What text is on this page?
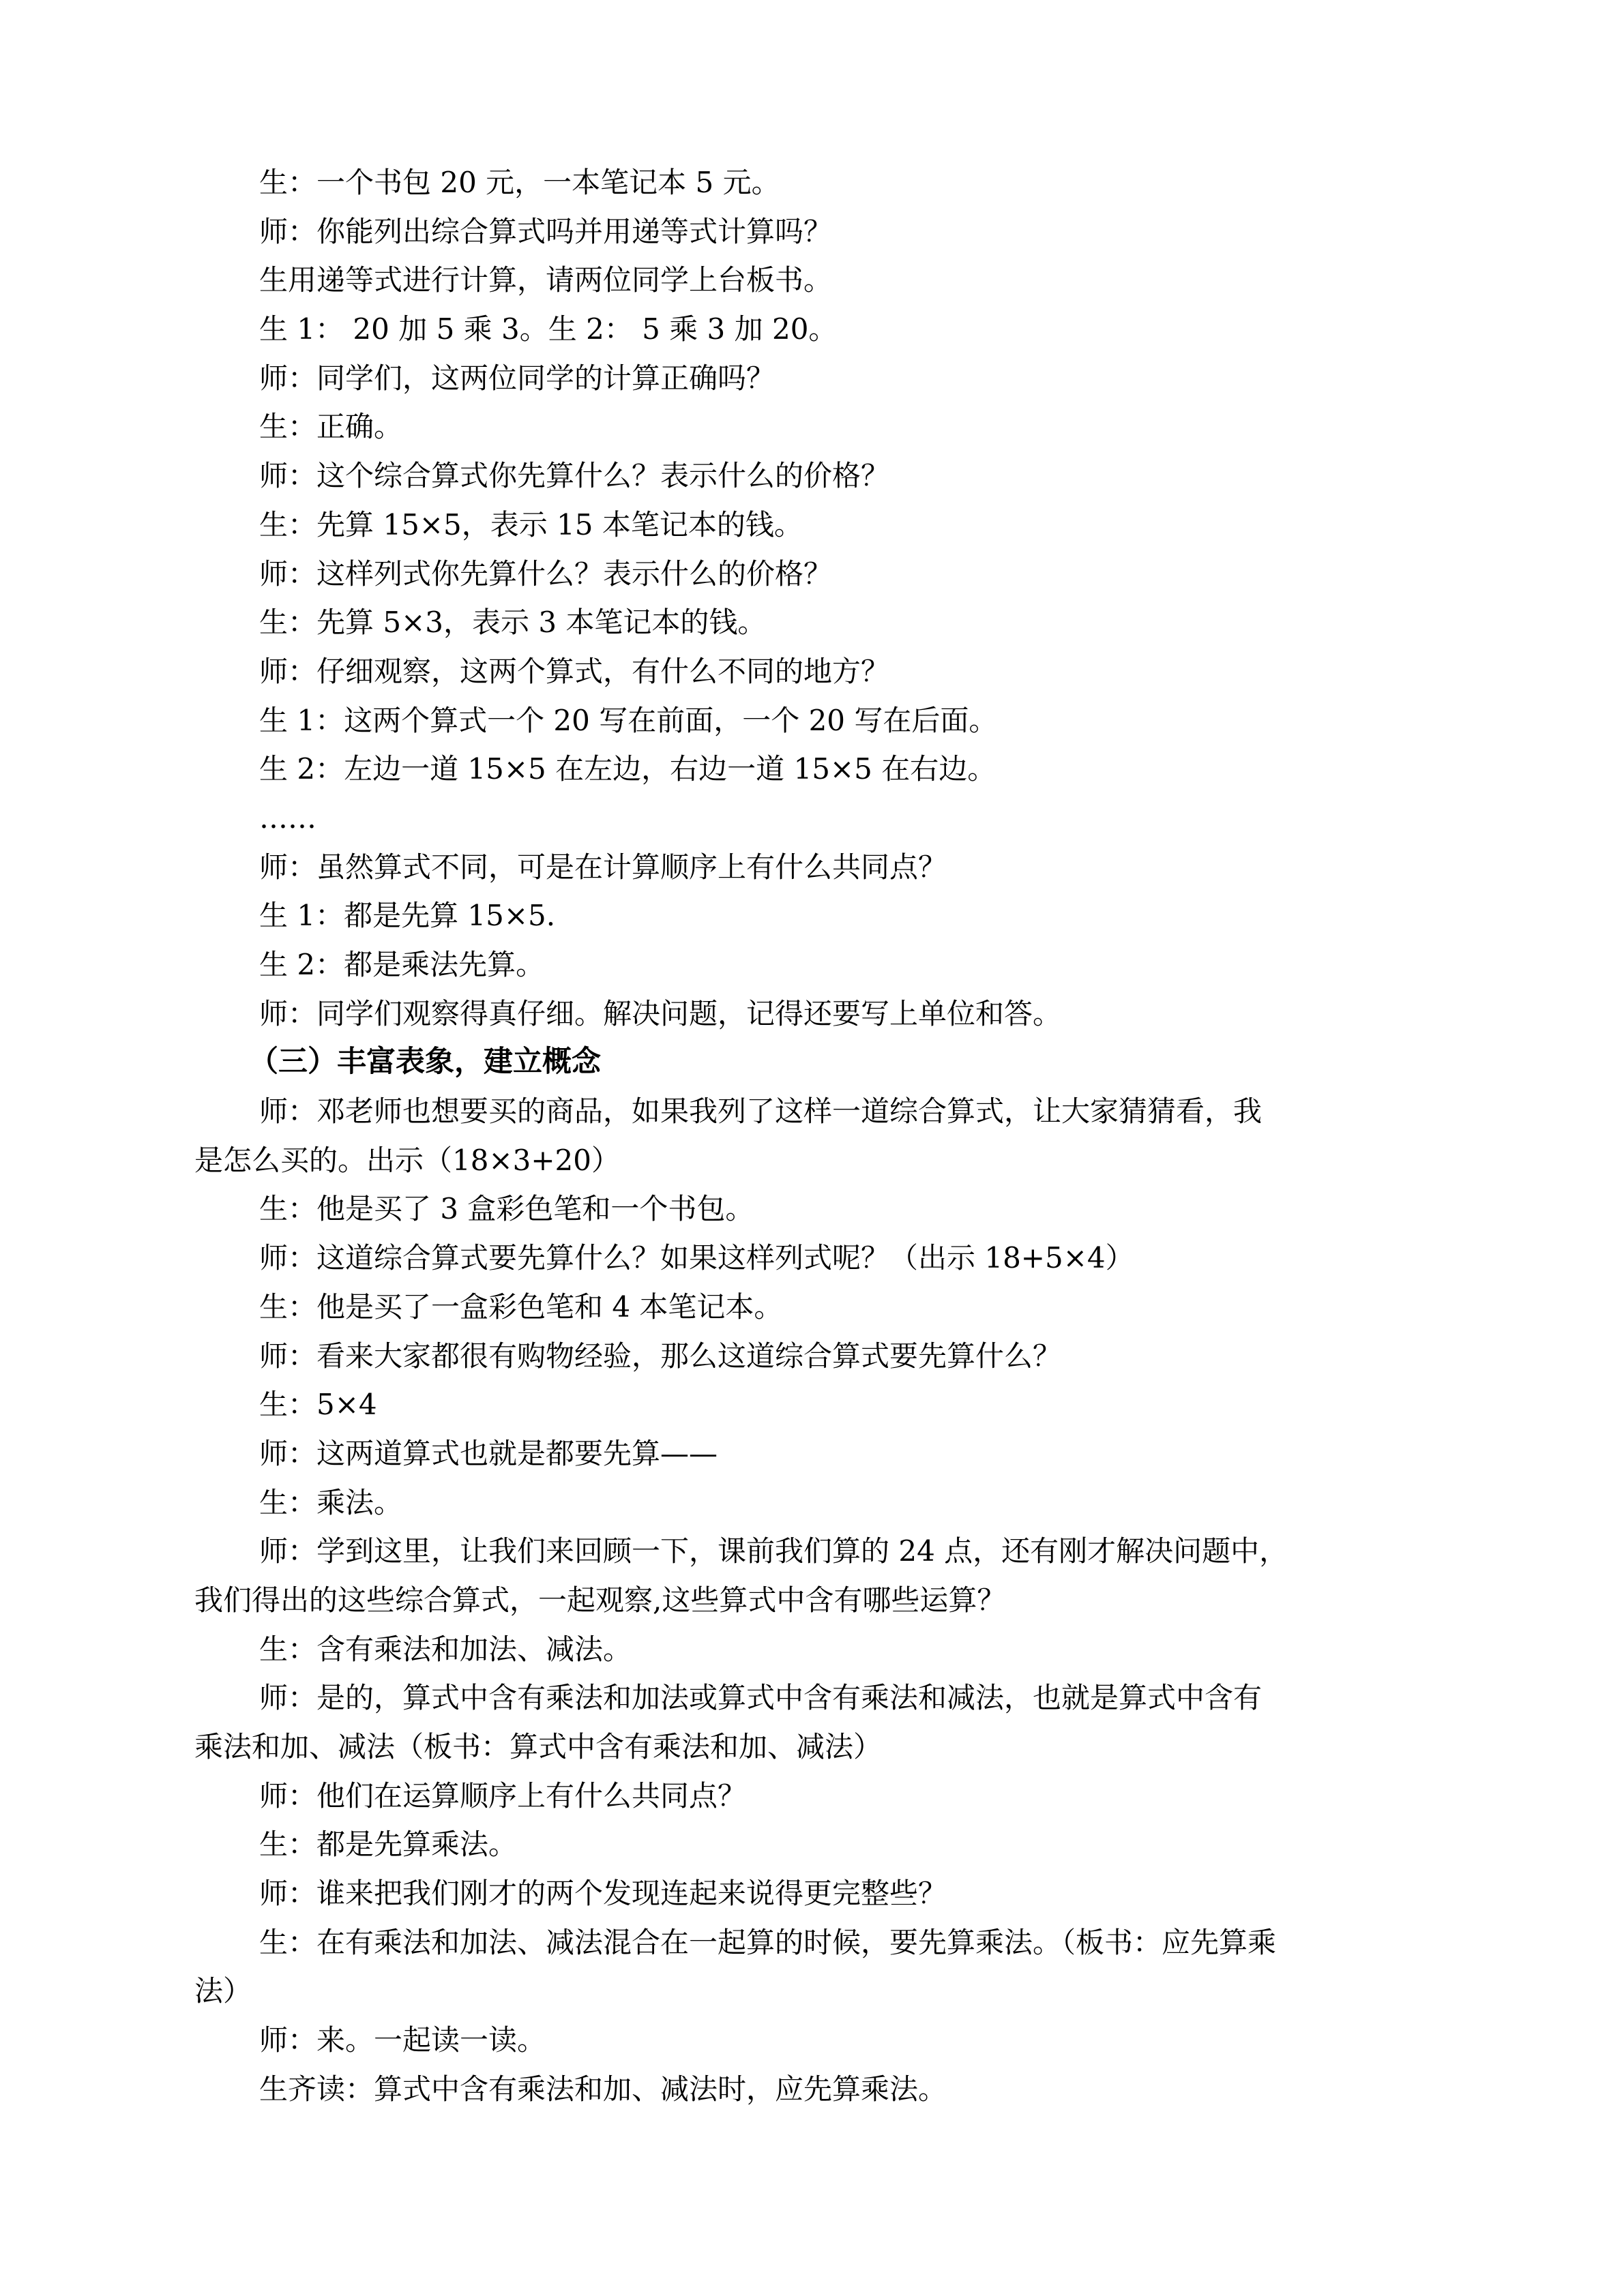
生：一个书包 20 元，一本笔记本 5 元。
师：你能列出综合算式吗并用递等式计算吗？
生用递等式进行计算，请两位同学上台板书。
生 1： 20 加 5 乘 3。生 2： 5 乘 3 加 20。
师：同学们，这两位同学的计算正确吗？
生：正确。
师：这个综合算式你先算什么？表示什么的价格？
生：先算 15×5，表示 15 本笔记本的钱。
师：这样列式你先算什么？表示什么的价格？
生：先算 5×3，表示 3 本笔记本的钱。
师：仔细观察，这两个算式，有什么不同的地方？
生 1：这两个算式一个 20 写在前面，一个 20 写在后面。
生 2：左边一道 15×5 在左边，右边一道 15×5 在右边。
……
师：虽然算式不同，可是在计算顺序上有什么共同点？
生 1：都是先算 15×5.
生 2：都是乘法先算。
师：同学们观察得真仔细。解决问题，记得还要写上单位和答。
（三）丰富表象，建立概念
师：邓老师也想要买的商品，如果我列了这样一道综合算式，让大家猜猜看，我
是怎么买的。出示（18×3+20）
生：他是买了 3 盒彩色笔和一个书包。
师：这道综合算式要先算什么？如果这样列式呢？（出示 18+5×4）
生：他是买了一盒彩色笔和 4 本笔记本。
师：看来大家都很有购物经验，那么这道综合算式要先算什么？
生：5×4
师：这两道算式也就是都要先算——
生：乘法。
师：学到这里，让我们来回顾一下，课前我们算的 24 点，还有刚才解决问题中，
我们得出的这些综合算式，一起观察,这些算式中含有哪些运算？
生：含有乘法和加法、减法。
师：是的，算式中含有乘法和加法或算式中含有乘法和减法，也就是算式中含有
乘法和加、减法（板书：算式中含有乘法和加、减法）
师：他们在运算顺序上有什么共同点？
生：都是先算乘法。
师：谁来把我们刚才的两个发现连起来说得更完整些？
生：在有乘法和加法、减法混合在一起算的时候，要先算乘法。（板书：应先算乘
法）
师：来。一起读一读。
生齐读：算式中含有乘法和加、减法时，应先算乘法。
